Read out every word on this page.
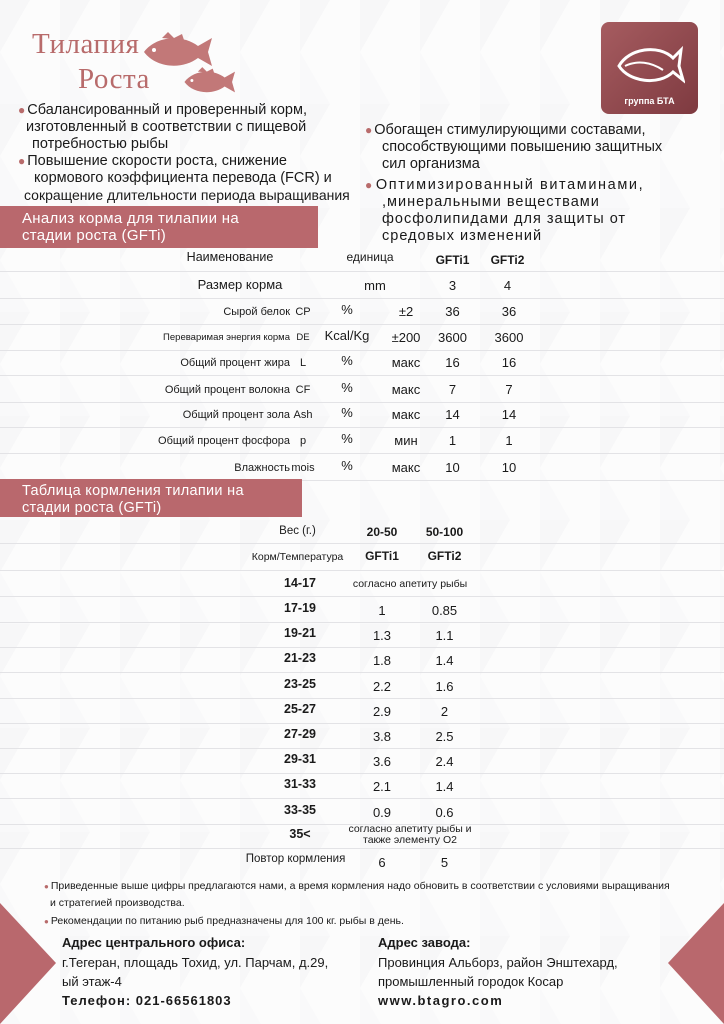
Тилапия
Роста
группа БТА
● Сбалансированный и проверенный корм,
изготовленный в соответствии с пищевой
потребностью рыбы
● Повышение скорости роста, снижение
кормового коэффициента перевода (FCR) и
сокращение длительности периода выращивания
● Обогащен стимулирующими составами,
способствующими повышению защитных
сил организма
● Оптимизированный витаминами,
,минеральными веществами
фосфолипидами для защиты от
средовых изменений
Анализ корма для тилапии на
стадии роста (GFTi)
Наименование	единица	GFTi1	GFTi2
Размер корма	mm	3	4
Сырой белок CP	%	±2	36	36
Переваримая энергия корма DE	Kcal/Kg	±200	3600	3600
Общий процент жира L	%	макс	16	16
Общий процент волокна CF	%	макс	7	7
Общий процент зола Ash	%	макс	14	14
Общий процент фосфора p	%	мин	1	1
Влажность mois	%	макс	10	10
Таблица кормления тилапии на
стадии роста (GFTi)
Вес (г.)	20-50	50-100
Корм/Температура	GFTi1	GFTi2
14-17	согласно апетиту рыбы
17-19	1	0.85
19-21	1.3	1.1
21-23	1.8	1.4
23-25	2.2	1.6
25-27	2.9	2
27-29	3.8	2.5
29-31	3.6	2.4
31-33	2.1	1.4
33-35	0.9	0.6
35<	согласно апетиту рыбы и
также элементу O2
Повтор кормления	6	5
● Приведенные выше цифры предлагаются нами, а время кормления надо обновить в соответствии с условиями выращивания
и стратегией производства.
● Рекомендации по питанию рыб предназначены для 100 кг. рыбы в день.
Адрес центрального офиса:
г.Тегеран, площадь Тохид, ул. Парчам, д.29,
ый этаж-4
Телефон: 021-66561803
Адрес завода:
Провинция Альборз, район Энштехард,
промышленный городок Косар
www.btagro.com
